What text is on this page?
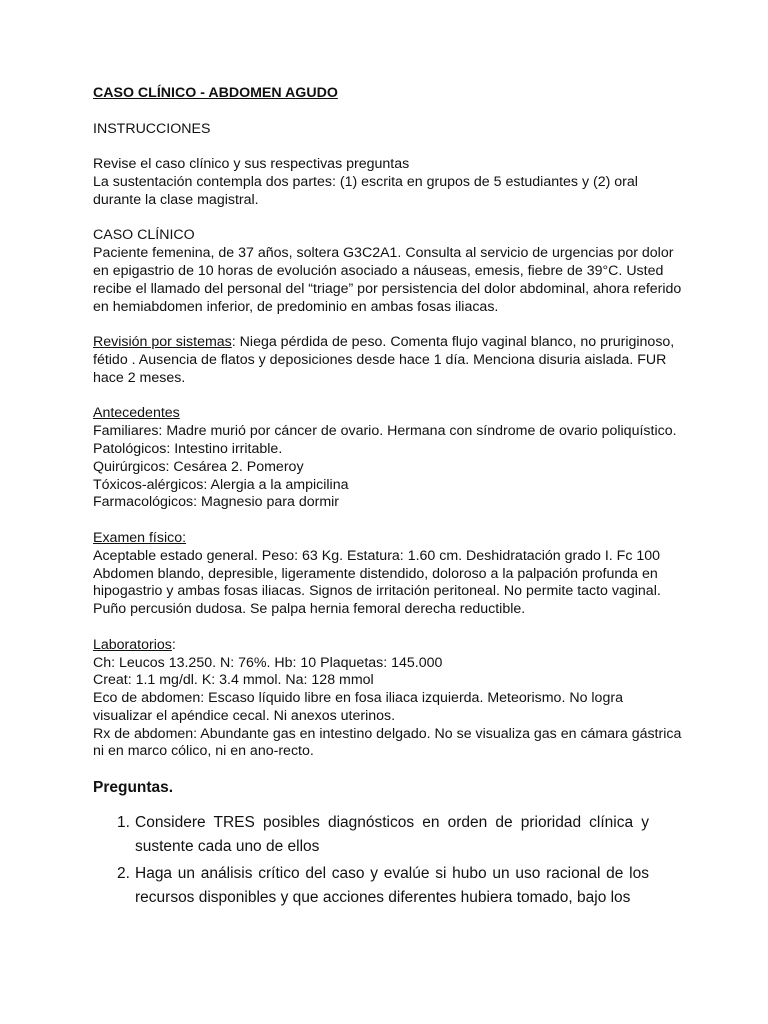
CASO CLÍNICO - ABDOMEN AGUDO

INSTRUCCIONES

Revise el caso clínico y sus respectivas preguntas

La sustentación contempla dos partes: (1) escrita en grupos de 5 estudiantes y (2) oral durante la clase magistral.

CASO CLÍNICO

Paciente femenina, de 37 años, soltera G3C2A1. Consulta al servicio de urgencias por dolor en epigastrio de 10 horas de evolución asociado a náuseas, emesis, fiebre de 39°C. Usted recibe el llamado del personal del “triage” por persistencia del dolor abdominal, ahora referido en hemiabdomen inferior, de predominio en ambas fosas iliacas.

Revisión por sistemas: Niega pérdida de peso. Comenta flujo vaginal blanco, no pruriginoso, fétido . Ausencia de flatos y deposiciones desde hace 1 día. Menciona disuria aislada. FUR hace 2 meses.

Antecedentes

Familiares: Madre murió por cáncer de ovario. Hermana con síndrome de ovario poliquístico.

Patológicos: Intestino irritable.

Quirúrgicos: Cesárea 2. Pomeroy

Tóxicos-alérgicos: Alergia a la ampicilina

Farmacológicos: Magnesio para dormir

Examen físico:

Aceptable estado general. Peso: 63 Kg. Estatura: 1.60 cm. Deshidratación grado I. Fc 100

Abdomen blando, depresible, ligeramente distendido, doloroso a la palpación profunda en hipogastrio y ambas fosas iliacas. Signos de irritación peritoneal. No permite tacto vaginal. Puño percusión dudosa. Se palpa hernia femoral derecha reductible.

Laboratorios:

Ch: Leucos 13.250. N: 76%. Hb: 10 Plaquetas: 145.000

Creat: 1.1 mg/dl. K: 3.4 mmol. Na: 128 mmol

Eco de abdomen: Escaso líquido libre en fosa iliaca izquierda. Meteorismo. No logra visualizar el apéndice cecal. Ni anexos uterinos.

Rx de abdomen: Abundante gas en intestino delgado. No se visualiza gas en cámara gástrica ni en marco cólico, ni en ano-recto.

Preguntas.

1. Considere TRES posibles diagnósticos en orden de prioridad clínica y sustente cada uno de ellos
2. Haga un análisis crítico del caso y evalúe si hubo un uso racional de los recursos disponibles y que acciones diferentes hubiera tomado, bajo los
